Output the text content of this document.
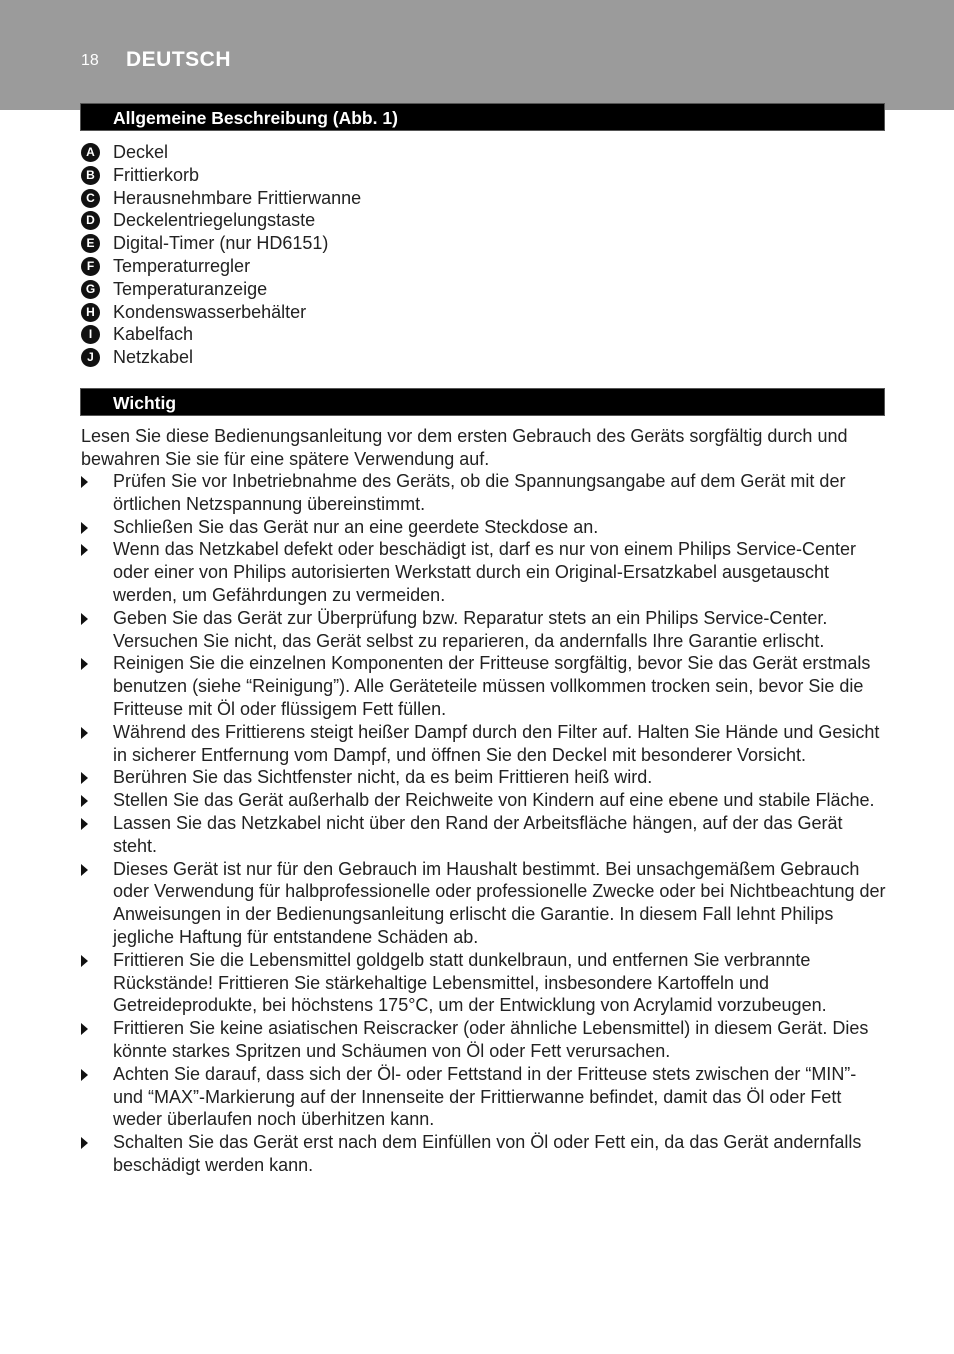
18 DEUTSCH
Allgemeine Beschreibung (Abb. 1)
A Deckel
B Frittierkorb
C Herausnehmbare Frittierwanne
D Deckelentriegelungstaste
E	Digital-Timer (nur HD6151)
F	Temperaturregler
G Temperaturanzeige
H Kondenswasserbehälter
I	Kabelfach
J	Netzkabel
Wichtig

Lesen Sie diese Bedienungsanleitung vor dem ersten Gebrauch des Geräts sorgfältig durch und bewahren Sie sie für eine spätere Verwendung auf.

Prüfen Sie vor Inbetriebnahme des Geräts, ob die Spannungsangabe auf dem Gerät mit der örtlichen Netzspannung übereinstimmt.
Schließen Sie das Gerät nur an eine geerdete Steckdose an.
Wenn das Netzkabel defekt oder beschädigt ist, darf es nur von einem Philips Service-Center oder einer von Philips autorisierten Werkstatt durch ein Original-Ersatzkabel ausgetauscht werden, um Gefährdungen zu vermeiden.
Geben Sie das Gerät zur Überprüfung bzw. Reparatur stets an ein Philips Service-Center. Versuchen Sie nicht, das Gerät selbst zu reparieren, da andernfalls Ihre Garantie erlischt.
Reinigen Sie die einzelnen Komponenten der Fritteuse sorgfältig, bevor Sie das Gerät erstmals benutzen (siehe “Reinigung”). Alle Geräteteile müssen vollkommen trocken sein, bevor Sie die Fritteuse mit Öl oder flüssigem Fett füllen.
Während des Frittierens steigt heißer Dampf durch den Filter auf. Halten Sie Hände und Gesicht in sicherer Entfernung vom Dampf, und öffnen Sie den Deckel mit besonderer Vorsicht.
Berühren Sie das Sichtfenster nicht, da es beim Frittieren heiß wird.
Stellen Sie das Gerät außerhalb der Reichweite von Kindern auf eine ebene und stabile Fläche.
Lassen Sie das Netzkabel nicht über den Rand der Arbeitsfläche hängen, auf der das Gerät steht.
Dieses Gerät ist nur für den Gebrauch im Haushalt bestimmt. Bei unsachgemäßem Gebrauch oder Verwendung für halbprofessionelle oder professionelle Zwecke oder bei Nichtbeachtung der Anweisungen in der Bedienungsanleitung erlischt die Garantie. In diesem Fall lehnt Philips jegliche Haftung für entstandene Schäden ab.
Frittieren Sie die Lebensmittel goldgelb statt dunkelbraun, und entfernen Sie verbrannte Rückstände! Frittieren Sie stärkehaltige Lebensmittel, insbesondere Kartoffeln und Getreideprodukte, bei höchstens 175°C, um der Entwicklung von Acrylamid vorzubeugen.
Frittieren Sie keine asiatischen Reiscracker (oder ähnliche Lebensmittel) in diesem Gerät. Dies könnte starkes Spritzen und Schäumen von Öl oder Fett verursachen.
Achten Sie darauf, dass sich der Öl- oder Fettstand in der Fritteuse stets zwischen der “MIN”- und “MAX”-Markierung auf der Innenseite der Frittierwanne befindet, damit das Öl oder Fett weder überlaufen noch überhitzen kann.
Schalten Sie das Gerät erst nach dem Einfüllen von Öl oder Fett ein, da das Gerät andernfalls beschädigt werden kann.
